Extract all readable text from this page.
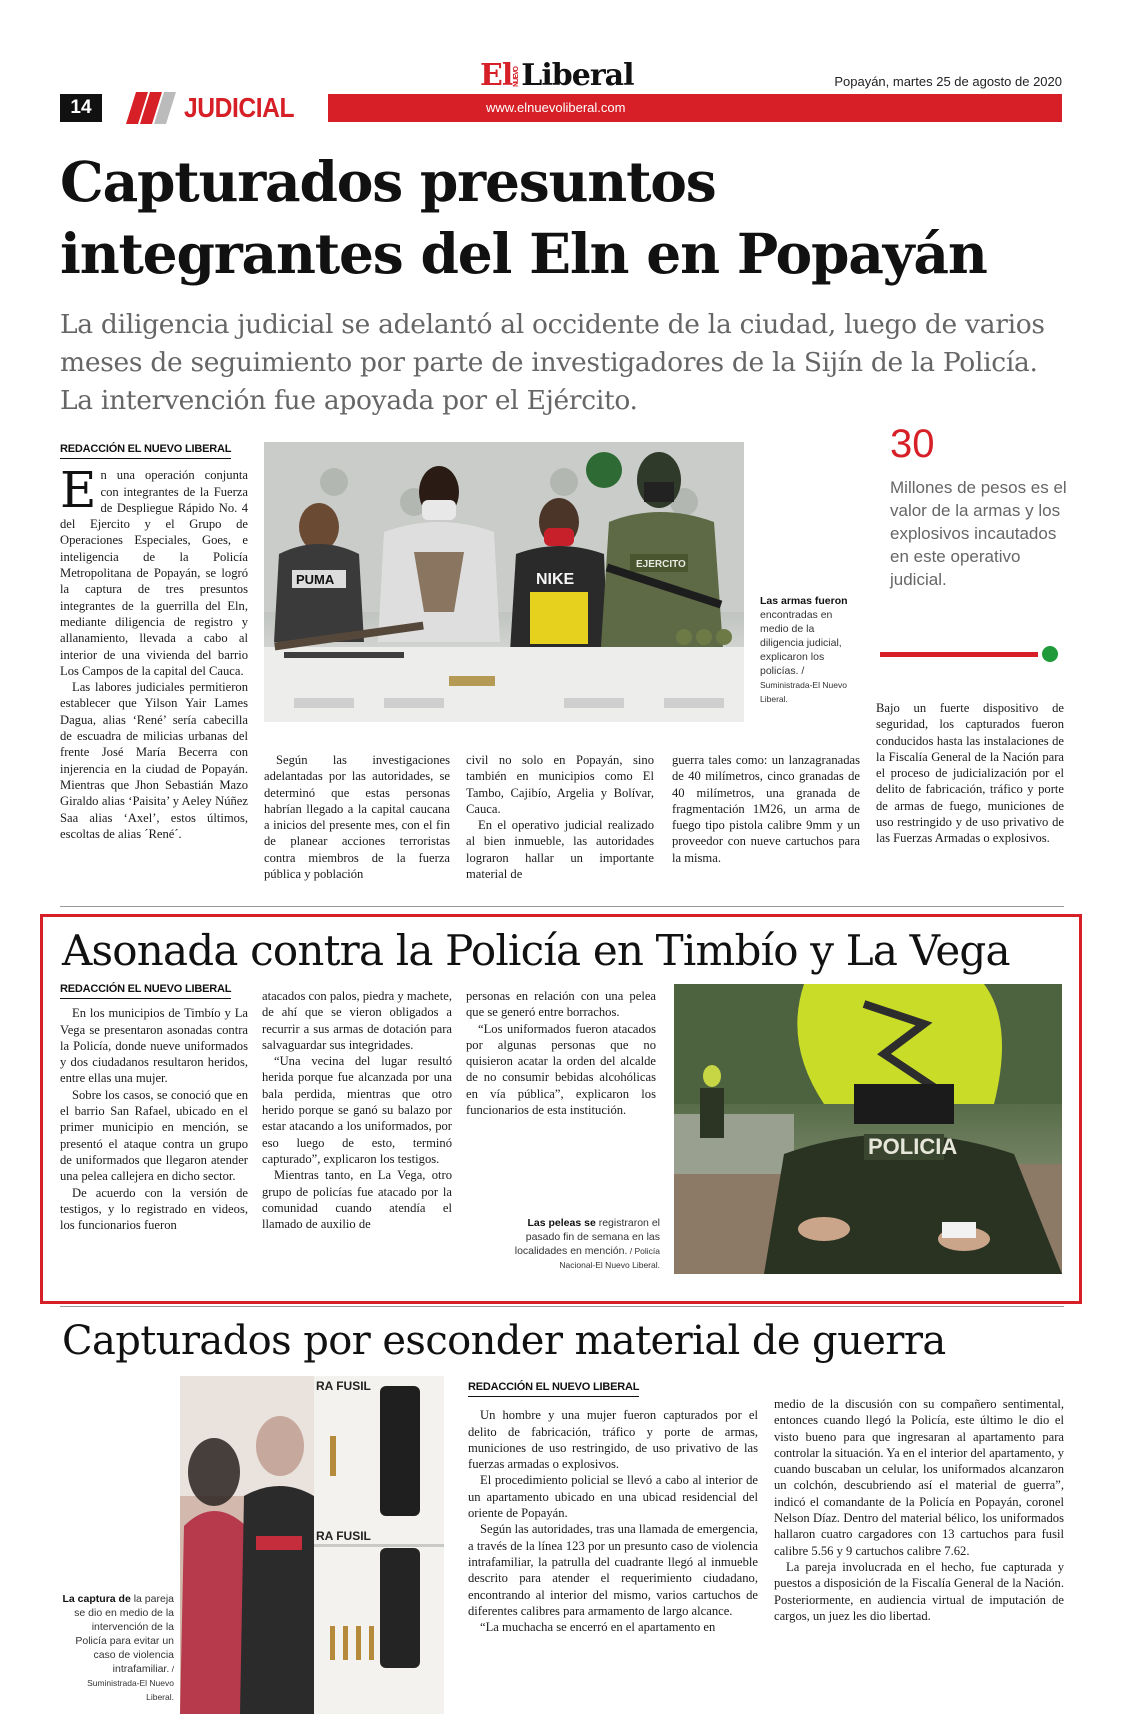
ElNUEVOLiberal	Popayán, martes 25 de agosto de 2020
www.elnuevoliberal.com
14	JUDICIAL
Capturados presuntos integrantes del Eln en Popayán
La diligencia judicial se adelantó al occidente de la ciudad, luego de varios meses de seguimiento por parte de investigadores de la Sijín de la Policía. La intervención fue apoyada por el Ejército.
REDACCIÓN EL NUEVO LIBERAL

En una operación conjunta con integrantes de la Fuerza de Despliegue Rápido No. 4 del Ejercito y el Grupo de Operaciones Especiales, Goes, e inteligencia de la Policía Metropolitana de Popayán, se logró la captura de tres presuntos integrantes de la guerrilla del Eln, mediante diligencia de registro y allanamiento, llevada a cabo al interior de una vivienda del barrio Los Campos de la capital del Cauca.

Las labores judiciales permitieron establecer que Yilson Yair Lames Dagua, alias ‘René’ sería cabecilla de escuadra de milicias urbanas del frente José María Becerra con injerencia en la ciudad de Popayán. Mientras que Jhon Sebastián Mazo Giraldo alias ‘Paisita’ y Aeley Núñez Saa alias ‘Axel’, estos últimos, escoltas de alias ´René´.

PUMA	NIKE
EJERCITO
Las armas fueron encontradas en medio de la diligencia judicial, explicaron los policías. /
Suministrada-El Nuevo Liberal.
30
Millones de pesos es el valor de la armas y los explosivos incautados en este operativo judicial.

Según las investigaciones adelantadas por las autoridades, se determinó que estas personas habrían llegado a la capital caucana a inicios del presente mes, con el fin de planear acciones terroristas contra miembros de la fuerza pública y población

civil no solo en Popayán, sino también en municipios como El Tambo, Cajibío, Argelia y Bolívar, Cauca.

En el operativo judicial realizado al bien inmueble, las autoridades lograron hallar un importante material de

guerra tales como: un lanzagranadas de 40 milímetros, cinco granadas de 40 milímetros, una granada de fragmentación 1M26, un arma de fuego tipo pistola calibre 9mm y un proveedor con nueve cartuchos para la misma.

Bajo un fuerte dispositivo de seguridad, los capturados fueron conducidos hasta las instalaciones de la Fiscalía General de la Nación para el proceso de judicialización por el delito de fabricación, tráfico y porte de armas de fuego, municiones de uso restringido y de uso privativo de las Fuerzas Armadas o explosivos.

Asonada contra la Policía en Timbío y La Vega
REDACCIÓN EL NUEVO LIBERAL

En los municipios de Timbío y La Vega se presentaron asonadas contra la Policía, donde nueve uniformados y dos ciudadanos resultaron heridos, entre ellas una mujer.

Sobre los casos, se conoció que en el barrio San Rafael, ubicado en el primer municipio en mención, se presentó el ataque contra un grupo de uniformados que llegaron atender una pelea callejera en dicho sector.

De acuerdo con la versión de testigos, y lo registrado en videos, los funcionarios fueron

atacados con palos, piedra y machete, de ahí que se vieron obligados a recurrir a sus armas de dotación para salvaguardar sus integridades.

“Una vecina del lugar resultó herida porque fue alcanzada por una bala perdida, mientras que otro herido porque se ganó su balazo por estar atacando a los uniformados, por eso luego de esto, terminó capturado”, explicaron los testigos.

Mientras tanto, en La Vega, otro grupo de policías fue atacado por la comunidad cuando atendía el llamado de auxilio de

personas en relación con una pelea que se generó entre borrachos.

“Los uniformados fueron atacados por algunas personas que no quisieron acatar la orden del alcalde de no consumir bebidas alcohólicas en vía pública”, explicaron los funcionarios de esta institución.

Las peleas se registraron el pasado fin de semana en las localidades en mención. / Policía Nacional-El Nuevo Liberal.
POLICIA
Capturados por esconder material de guerra
RA FUSIL
RA FUSIL
La captura de la pareja se dio en medio de la intervención de la Policía para evitar un caso de violencia intrafamiliar. / Suministrada-El Nuevo Liberal.
REDACCIÓN EL NUEVO LIBERAL

Un hombre y una mujer fueron capturados por el delito de fabricación, tráfico y porte de armas, municiones de uso restringido, de uso privativo de las fuerzas armadas o explosivos.

El procedimiento policial se llevó a cabo al interior de un apartamento ubicado en una ubicad residencial del oriente de Popayán.

Según las autoridades, tras una llamada de emergencia, a través de la línea 123 por un presunto caso de violencia intrafamiliar, la patrulla del cuadrante llegó al inmueble descrito para atender el requerimiento ciudadano, encontrando al interior del mismo, varios cartuchos de diferentes calibres para armamento de largo alcance.

“La muchacha se encerró en el apartamento en

medio de la discusión con su compañero sentimental, entonces cuando llegó la Policía, este último le dio el visto bueno para que ingresaran al apartamento para controlar la situación. Ya en el interior del apartamento, y cuando buscaban un celular, los uniformados alcanzaron un colchón, descubriendo así el material de guerra”, indicó el comandante de la Policía en Popayán, coronel Nelson Díaz. Dentro del material bélico, los uniformados hallaron cuatro cargadores con 13 cartuchos para fusil calibre 5.56 y 9 cartuchos calibre 7.62.

La pareja involucrada en el hecho, fue capturada y puestos a disposición de la Fiscalía General de la Nación. Posteriormente, en audiencia virtual de imputación de cargos, un juez les dio libertad.
